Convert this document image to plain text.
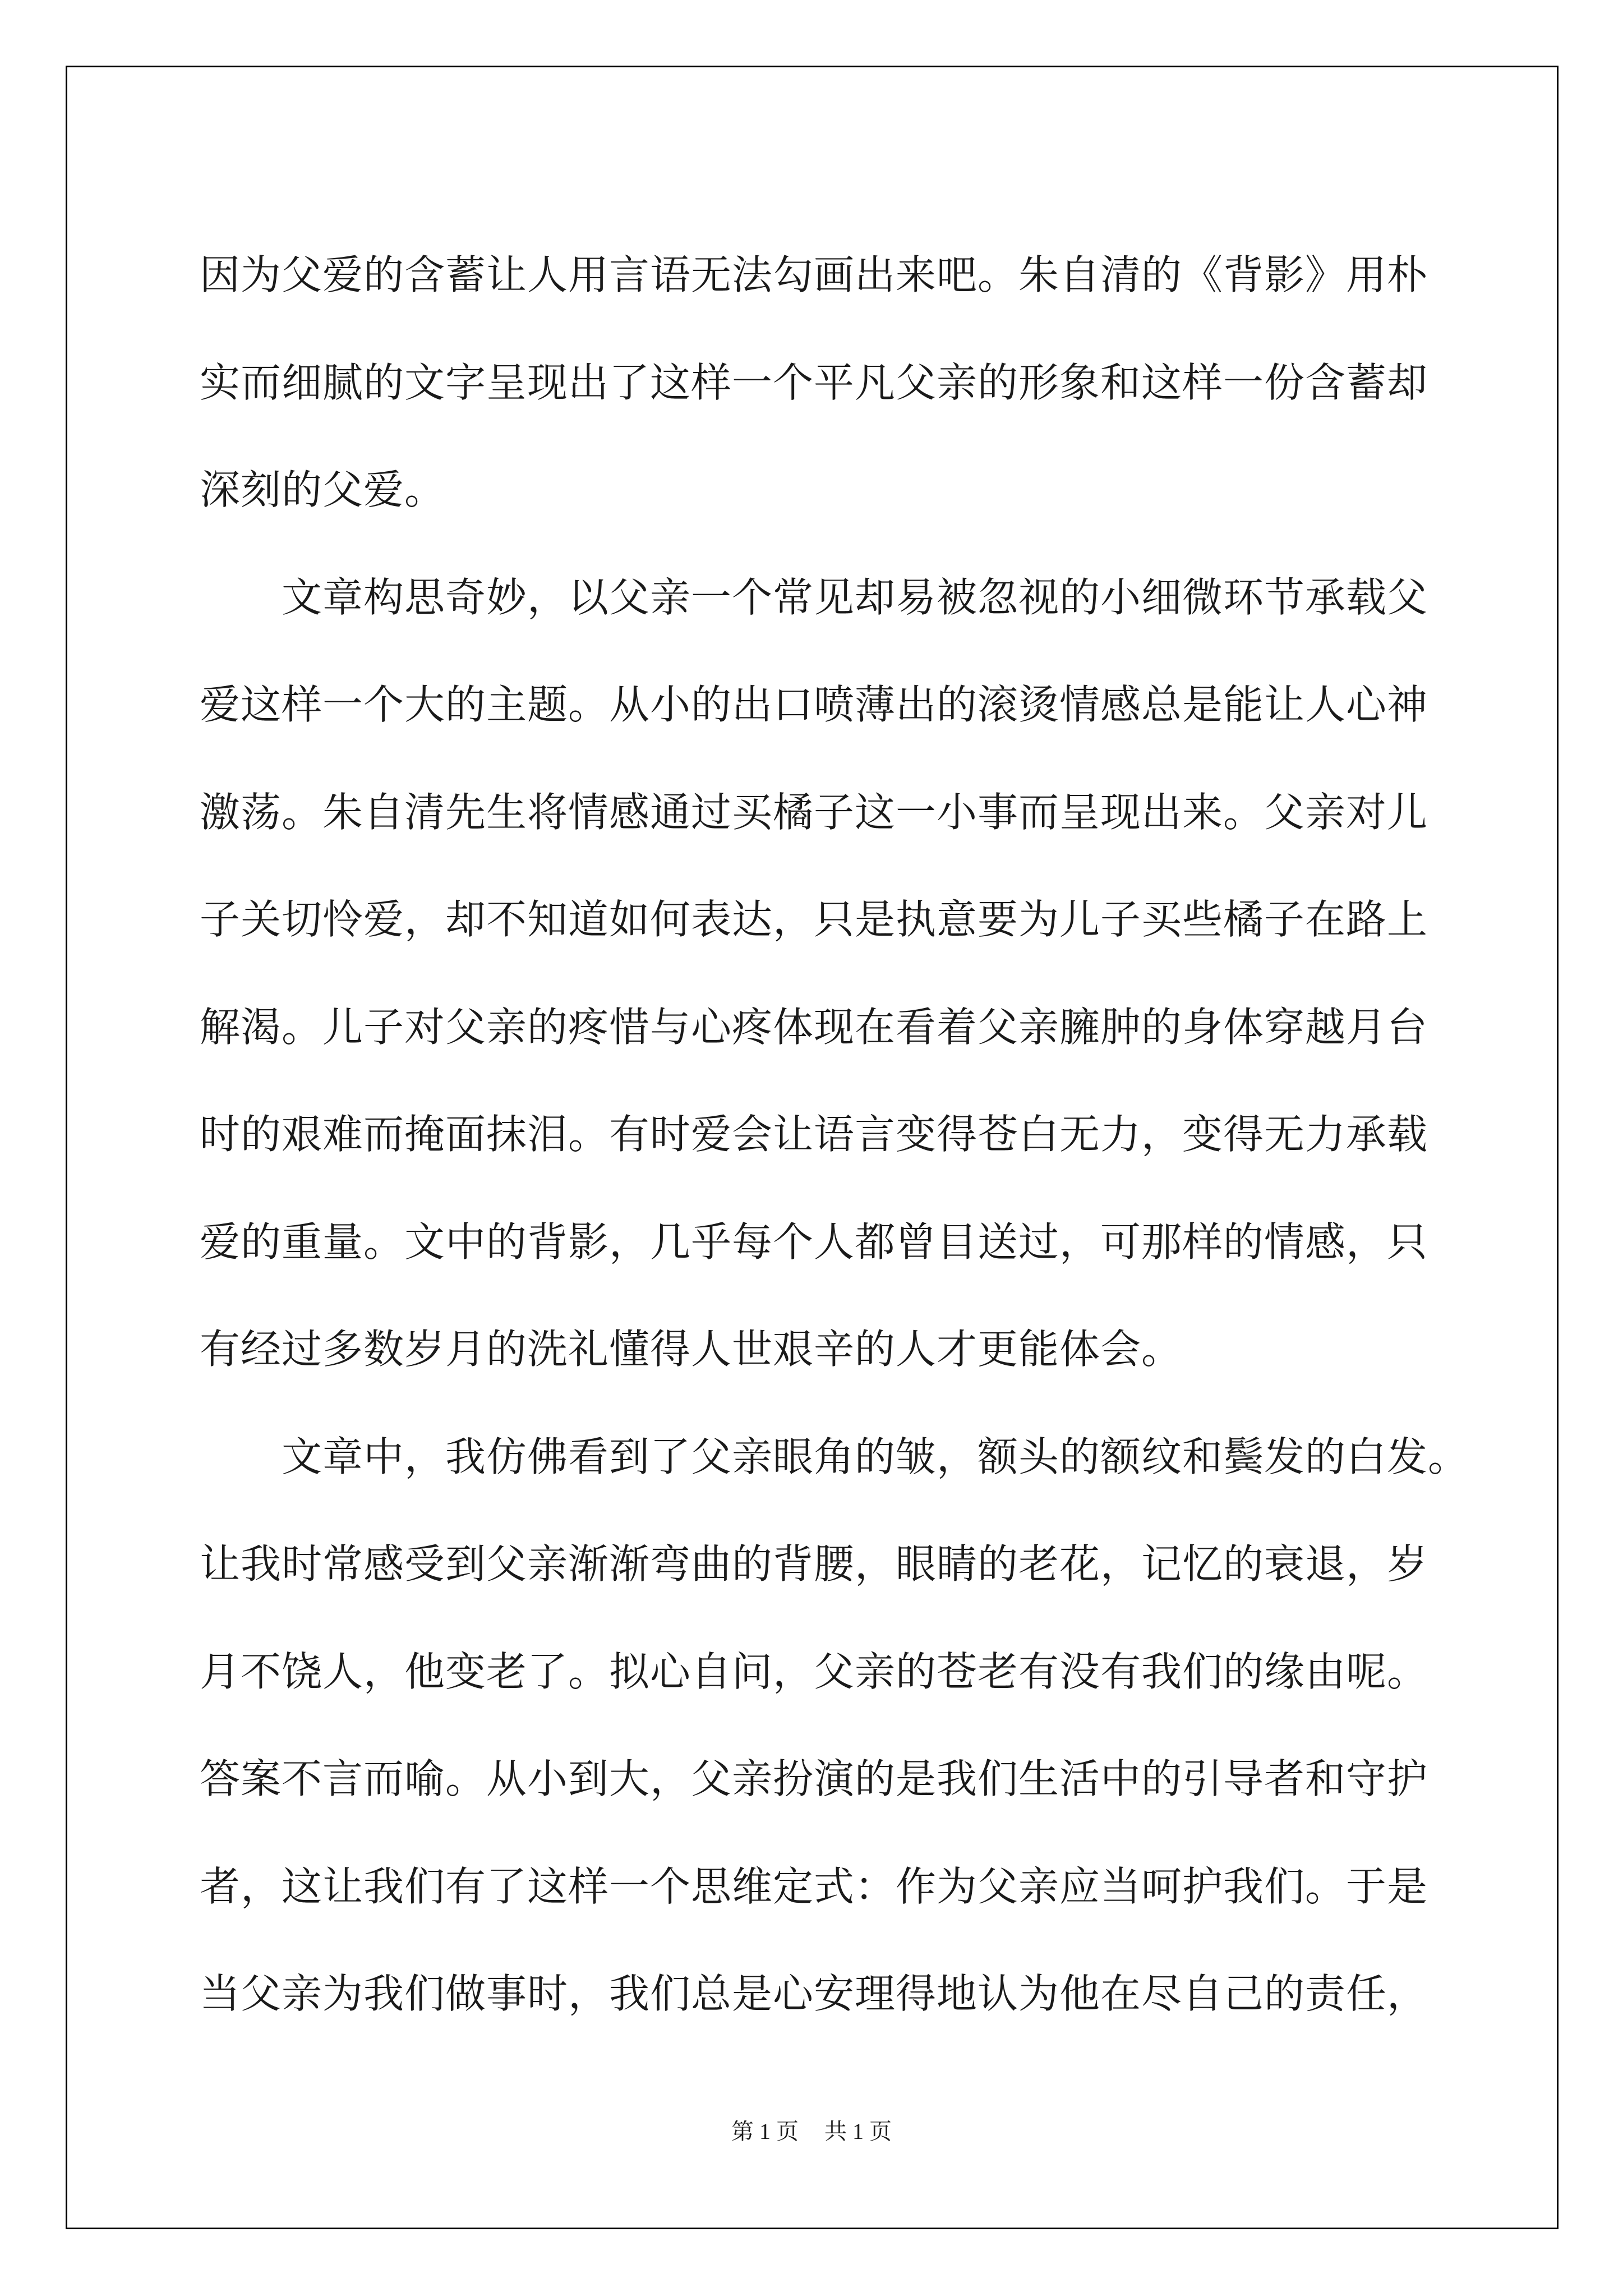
因为父爱的含蓄让人用言语无法勾画出来吧。朱自清的《背影》用朴
实而细腻的文字呈现出了这样一个平凡父亲的形象和这样一份含蓄却
深刻的父爱。
　　文章构思奇妙，以父亲一个常见却易被忽视的小细微环节承载父
爱这样一个大的主题。从小的出口喷薄出的滚烫情感总是能让人心神
激荡。朱自清先生将情感通过买橘子这一小事而呈现出来。父亲对儿
子关切怜爱，却不知道如何表达，只是执意要为儿子买些橘子在路上
解渴。儿子对父亲的疼惜与心疼体现在看着父亲臃肿的身体穿越月台
时的艰难而掩面抹泪。有时爱会让语言变得苍白无力，变得无力承载
爱的重量。文中的背影，几乎每个人都曾目送过，可那样的情感，只
有经过多数岁月的洗礼懂得人世艰辛的人才更能体会。
　　文章中，我仿佛看到了父亲眼角的皱，额头的额纹和鬓发的白发。
让我时常感受到父亲渐渐弯曲的背腰，眼睛的老花，记忆的衰退，岁
月不饶人，他变老了。拟心自问，父亲的苍老有没有我们的缘由呢。
答案不言而喻。从小到大，父亲扮演的是我们生活中的引导者和守护
者，这让我们有了这样一个思维定式：作为父亲应当呵护我们。于是
当父亲为我们做事时，我们总是心安理得地认为他在尽自己的责任，
第 1 页 共 1 页
